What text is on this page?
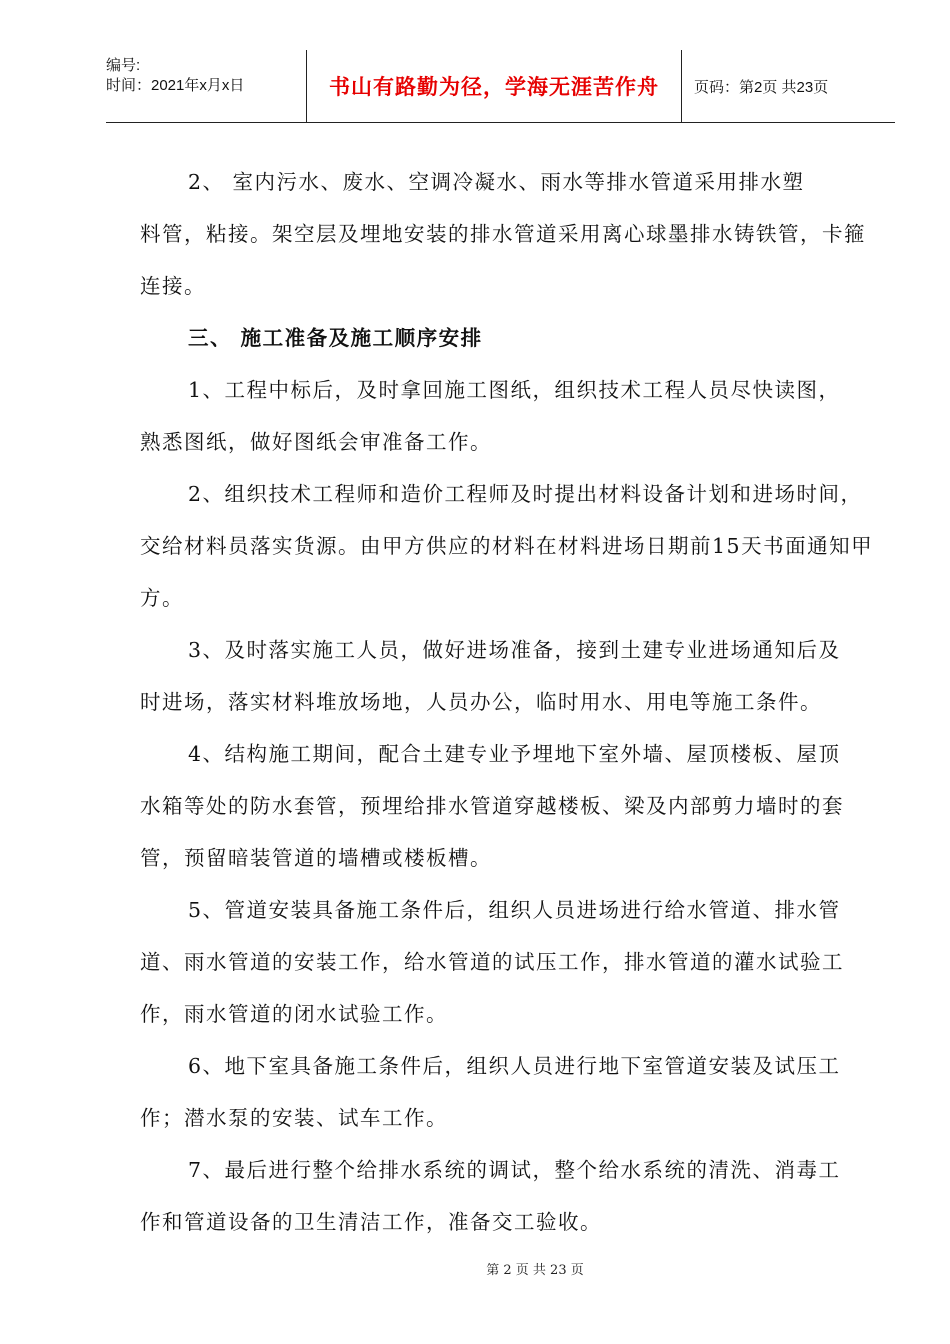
编号:
时间：2021年x月x日	书山有路勤为径，学海无涯苦作舟	页码：第2页 共23页

2、 室内污水、废水、空调冷凝水、雨水等排水管道采用排水塑
料管，粘接。架空层及埋地安装的排水管道采用离心球墨排水铸铁管，卡箍连接。

三、 施工准备及施工顺序安排

1、工程中标后，及时拿回施工图纸，组织技术工程人员尽快读图，
熟悉图纸，做好图纸会审准备工作。

2、组织技术工程师和造价工程师及时提出材料设备计划和进场时间，
交给材料员落实货源。由甲方供应的材料在材料进场日期前15天书面通知甲方。

3、及时落实施工人员，做好进场准备，接到土建专业进场通知后及
时进场，落实材料堆放场地，人员办公，临时用水、用电等施工条件。

4、结构施工期间，配合土建专业予埋地下室外墙、屋顶楼板、屋顶
水箱等处的防水套管，预埋给排水管道穿越楼板、梁及内部剪力墙时的套管，预留暗装管道的墙槽或楼板槽。

5、管道安装具备施工条件后，组织人员进场进行给水管道、排水管
道、雨水管道的安装工作，给水管道的试压工作，排水管道的灌水试验工作，雨水管道的闭水试验工作。

6、地下室具备施工条件后，组织人员进行地下室管道安装及试压工
作；潜水泵的安装、试车工作。

7、最后进行整个给排水系统的调试，整个给水系统的清洗、消毒工
作和管道设备的卫生清洁工作，准备交工验收。

第 2 页 共 23 页
